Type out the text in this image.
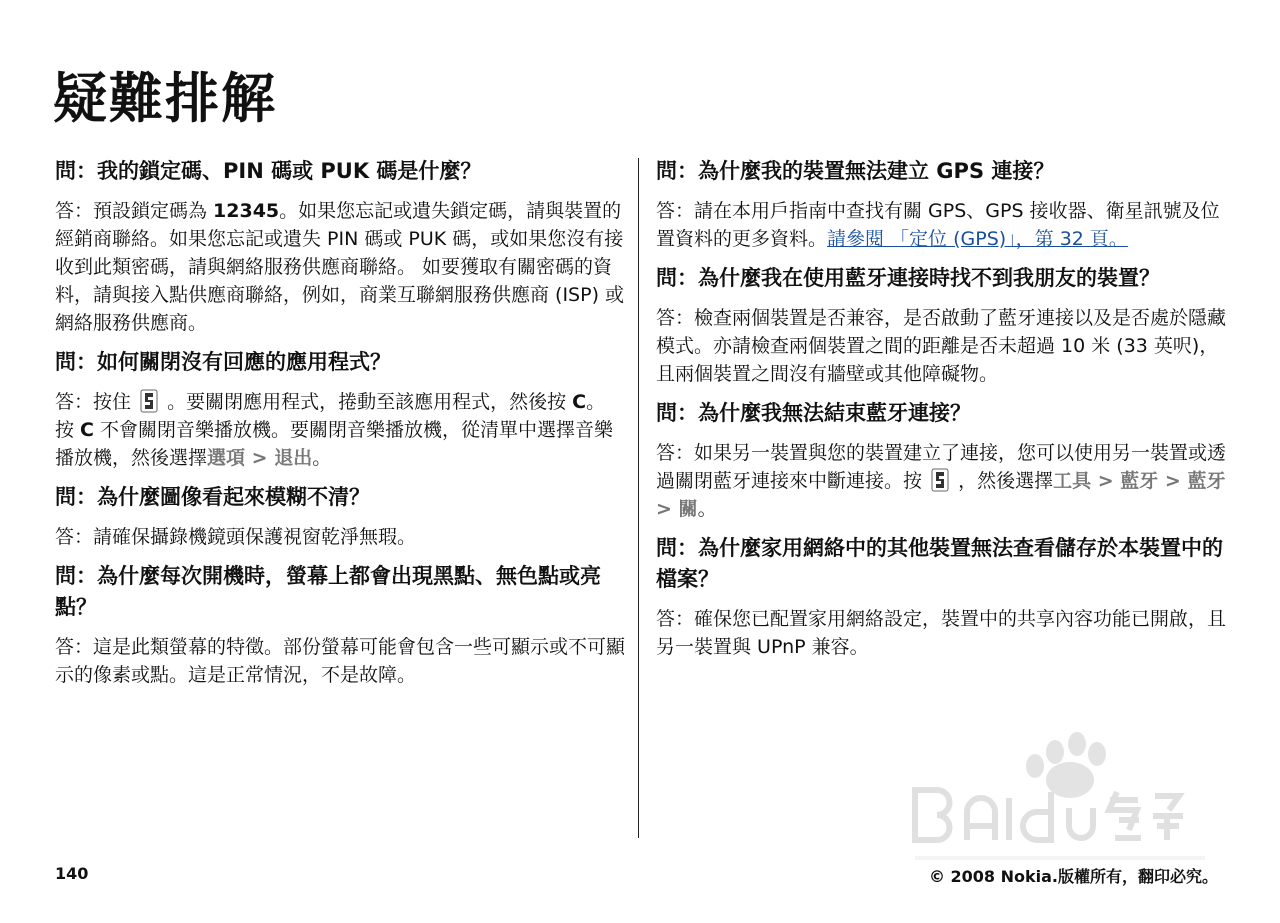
疑難排解

問：我的鎖定碼、PIN 碼或 PUK 碼是什麼？

答：預設鎖定碼為 12345。如果您忘記或遺失鎖定碼，請與裝置的經銷商聯絡。如果您忘記或遺失 PIN 碼或 PUK 碼，或如果您沒有接收到此類密碼，請與網絡服務供應商聯絡。 如要獲取有關密碼的資料，請與接入點供應商聯絡，例如，商業互聯網服務供應商 (ISP) 或網絡服務供應商。

問：如何關閉沒有回應的應用程式？

答：按住  。要關閉應用程式，捲動至該應用程式，然後按 C。 按 C 不會關閉音樂播放機。要關閉音樂播放機，從清單中選擇音樂播放機，然後選擇選項 > 退出。

問：為什麼圖像看起來模糊不清？

答：請確保攝錄機鏡頭保護視窗乾淨無瑕。

問：為什麼每次開機時，螢幕上都會出現黑點、無色點或亮點？

答：這是此類螢幕的特徵。部份螢幕可能會包含一些可顯示或不可顯示的像素或點。這是正常情況，不是故障。

問：為什麼我的裝置無法建立 GPS 連接？

答：請在本用戶指南中查找有關 GPS、GPS 接收器、衛星訊號及位置資料的更多資料。請參閱 「定位 (GPS)」，第 32 頁。

問：為什麼我在使用藍牙連接時找不到我朋友的裝置？

答：檢查兩個裝置是否兼容，是否啟動了藍牙連接以及是否處於隱藏模式。亦請檢查兩個裝置之間的距離是否未超過 10 米 (33 英呎)，且兩個裝置之間沒有牆壁或其他障礙物。

問：為什麼我無法結束藍牙連接？

答：如果另一裝置與您的裝置建立了連接，您可以使用另一裝置或透過關閉藍牙連接來中斷連接。按  ，然後選擇工具 > 藍牙 > 藍牙 > 關。

問：為什麼家用網絡中的其他裝置無法查看儲存於本裝置中的檔案？

答：確保您已配置家用網絡設定，裝置中的共享內容功能已開啟，且另一裝置與 UPnP 兼容。

140	© 2008 Nokia.版權所有，翻印必究。
